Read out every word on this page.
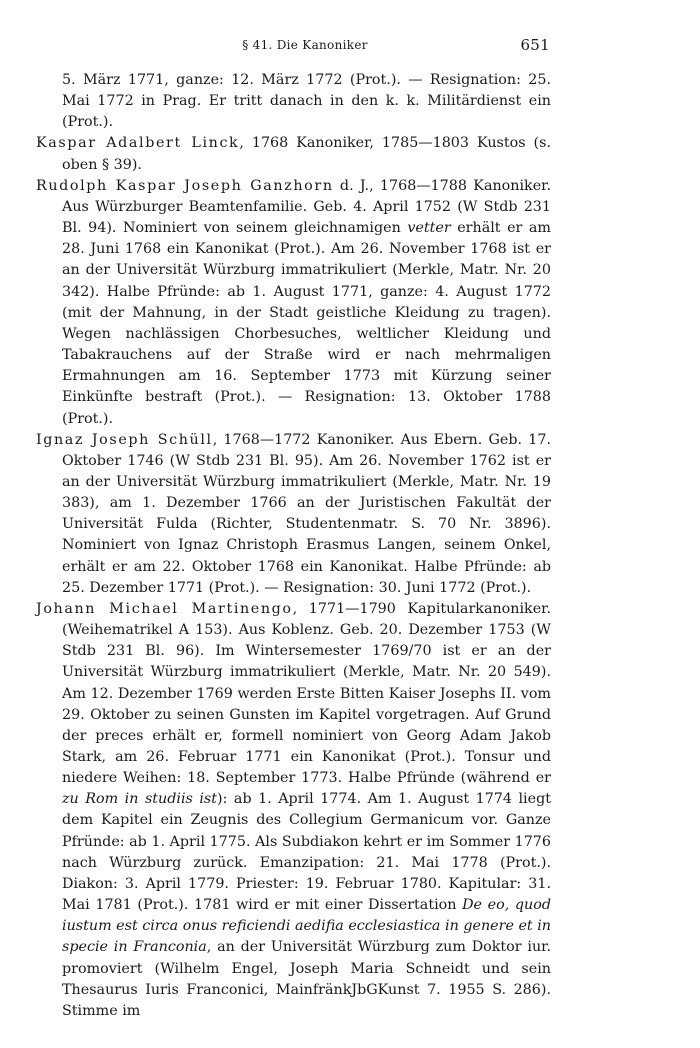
§ 41. Die Kanoniker	651

5. März 1771, ganze: 12. März 1772 (Prot.). — Resignation: 25. Mai 1772 in Prag. Er tritt danach in den k. k. Militärdienst ein (Prot.).

Kaspar Adalbert Linck, 1768 Kanoniker, 1785—1803 Kustos (s. oben § 39).

Rudolph Kaspar Joseph Ganzhorn d. J., 1768—1788 Kanoniker. Aus Würzburger Beamtenfamilie. Geb. 4. April 1752 (W Stdb 231 Bl. 94). Nominiert von seinem gleichnamigen vetter erhält er am 28. Juni 1768 ein Kanonikat (Prot.). Am 26. November 1768 ist er an der Universität Würzburg immatrikuliert (Merkle, Matr. Nr. 20 342). Halbe Pfründe: ab 1. August 1771, ganze: 4. August 1772 (mit der Mahnung, in der Stadt geistliche Kleidung zu tragen). Wegen nachlässigen Chorbesuches, weltlicher Kleidung und Tabakrauchens auf der Straße wird er nach mehrmaligen Ermahnungen am 16. September 1773 mit Kürzung seiner Einkünfte bestraft (Prot.). — Resignation: 13. Oktober 1788 (Prot.).

Ignaz Joseph Schüll, 1768—1772 Kanoniker. Aus Ebern. Geb. 17. Oktober 1746 (W Stdb 231 Bl. 95). Am 26. November 1762 ist er an der Universität Würzburg immatrikuliert (Merkle, Matr. Nr. 19 383), am 1. Dezember 1766 an der Juristischen Fakultät der Universität Fulda (Richter, Studentenmatr. S. 70 Nr. 3896). Nominiert von Ignaz Christoph Erasmus Langen, seinem Onkel, erhält er am 22. Oktober 1768 ein Kanonikat. Halbe Pfründe: ab 25. Dezember 1771 (Prot.). — Resignation: 30. Juni 1772 (Prot.).

Johann Michael Martinengo, 1771—1790 Kapitularkanoniker. (Weihematrikel A 153). Aus Koblenz. Geb. 20. Dezember 1753 (W Stdb 231 Bl. 96). Im Wintersemester 1769/70 ist er an der Universität Würzburg immatrikuliert (Merkle, Matr. Nr. 20 549). Am 12. Dezember 1769 werden Erste Bitten Kaiser Josephs II. vom 29. Oktober zu seinen Gunsten im Kapitel vorgetragen. Auf Grund der preces erhält er, formell nominiert von Georg Adam Jakob Stark, am 26. Februar 1771 ein Kanonikat (Prot.). Tonsur und niedere Weihen: 18. September 1773. Halbe Pfründe (während er zu Rom in studiis ist): ab 1. April 1774. Am 1. August 1774 liegt dem Kapitel ein Zeugnis des Collegium Germanicum vor. Ganze Pfründe: ab 1. April 1775. Als Subdiakon kehrt er im Sommer 1776 nach Würzburg zurück. Emanzipation: 21. Mai 1778 (Prot.). Diakon: 3. April 1779. Priester: 19. Februar 1780. Kapitular: 31. Mai 1781 (Prot.). 1781 wird er mit einer Dissertation De eo, quod iustum est circa onus reficiendi aedifia ecclesiastica in genere et in specie in Franconia, an der Universität Würzburg zum Doktor iur. promoviert (Wilhelm Engel, Joseph Maria Schneidt und sein Thesaurus Iuris Franconici, MainfränkJbGKunst 7. 1955 S. 286). Stimme im
